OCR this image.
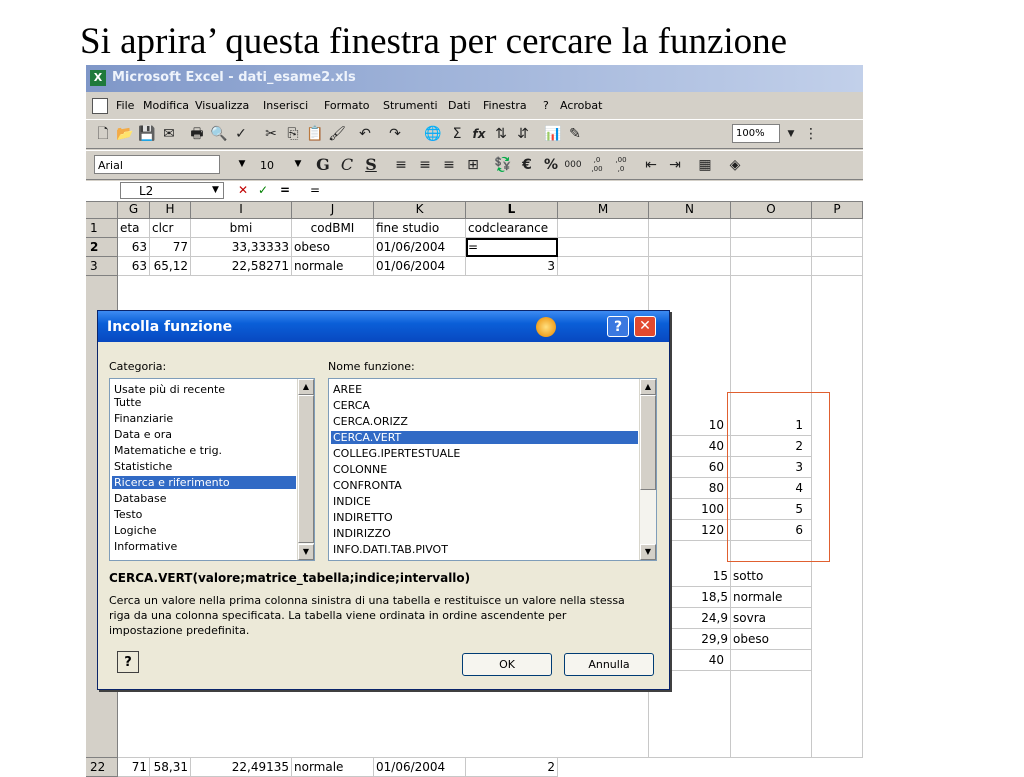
Si aprira’ questa finestra per cercare la funzione
X Microsoft Excel - dati_esame2.xls
File Modifica Visualizza Inserisci Formato Strumenti Dati Finestra ? Acrobat
🗋 📂 💾 ✉ 🖶 🔍 ✓ ✂ ⎘ 📋 🖌 ↶ ↷ 🌐 Σ fx ⇅ ⇵ 📊 ✎	100%	▼ ⋮
Arial	▼	10	▼ G C S ≡ ≡ ≡ ⊞ 💱 € % 000	,0 ,00
,00 ,0	⇤ ⇥ ▦ ◈
L2	▼ ✕ ✓ = =
G	H	I	J	K	L	M	N	O	P
1
2
3
22
eta	clcr	bmi	codBMI	fine studio	codclearance
63	77	33,33333 obeso	01/06/2004	=
63 65,12	22,58271 normale	01/06/2004	3
10	1
40	2
60	3
80	4
100	5
120	6
15 sotto
18,5 normale
24,9 sovra
29,9 obeso
40
71 58,31	22,49135 normale	01/06/2004	2
Incolla funzione	?	✕
Categoria:	Nome funzione:
Usate più di recente
Tutte
Finanziarie
Data e ora
Matematiche e trig.
Statistiche
Ricerca e riferimento
Database
Testo
Logiche
Informative
▲
▼
AREE
CERCA
CERCA.ORIZZ
CERCA.VERT
COLLEG.IPERTESTUALE
COLONNE
CONFRONTA
INDICE
INDIRETTO
INDIRIZZO
INFO.DATI.TAB.PIVOT
▲
▼
CERCA.VERT(valore;matrice_tabella;indice;intervallo)
Cerca un valore nella prima colonna sinistra di una tabella e restituisce un valore nella stessa riga da una colonna specificata. La tabella viene ordinata in ordine ascendente per impostazione predefinita.
?	OK	Annulla
